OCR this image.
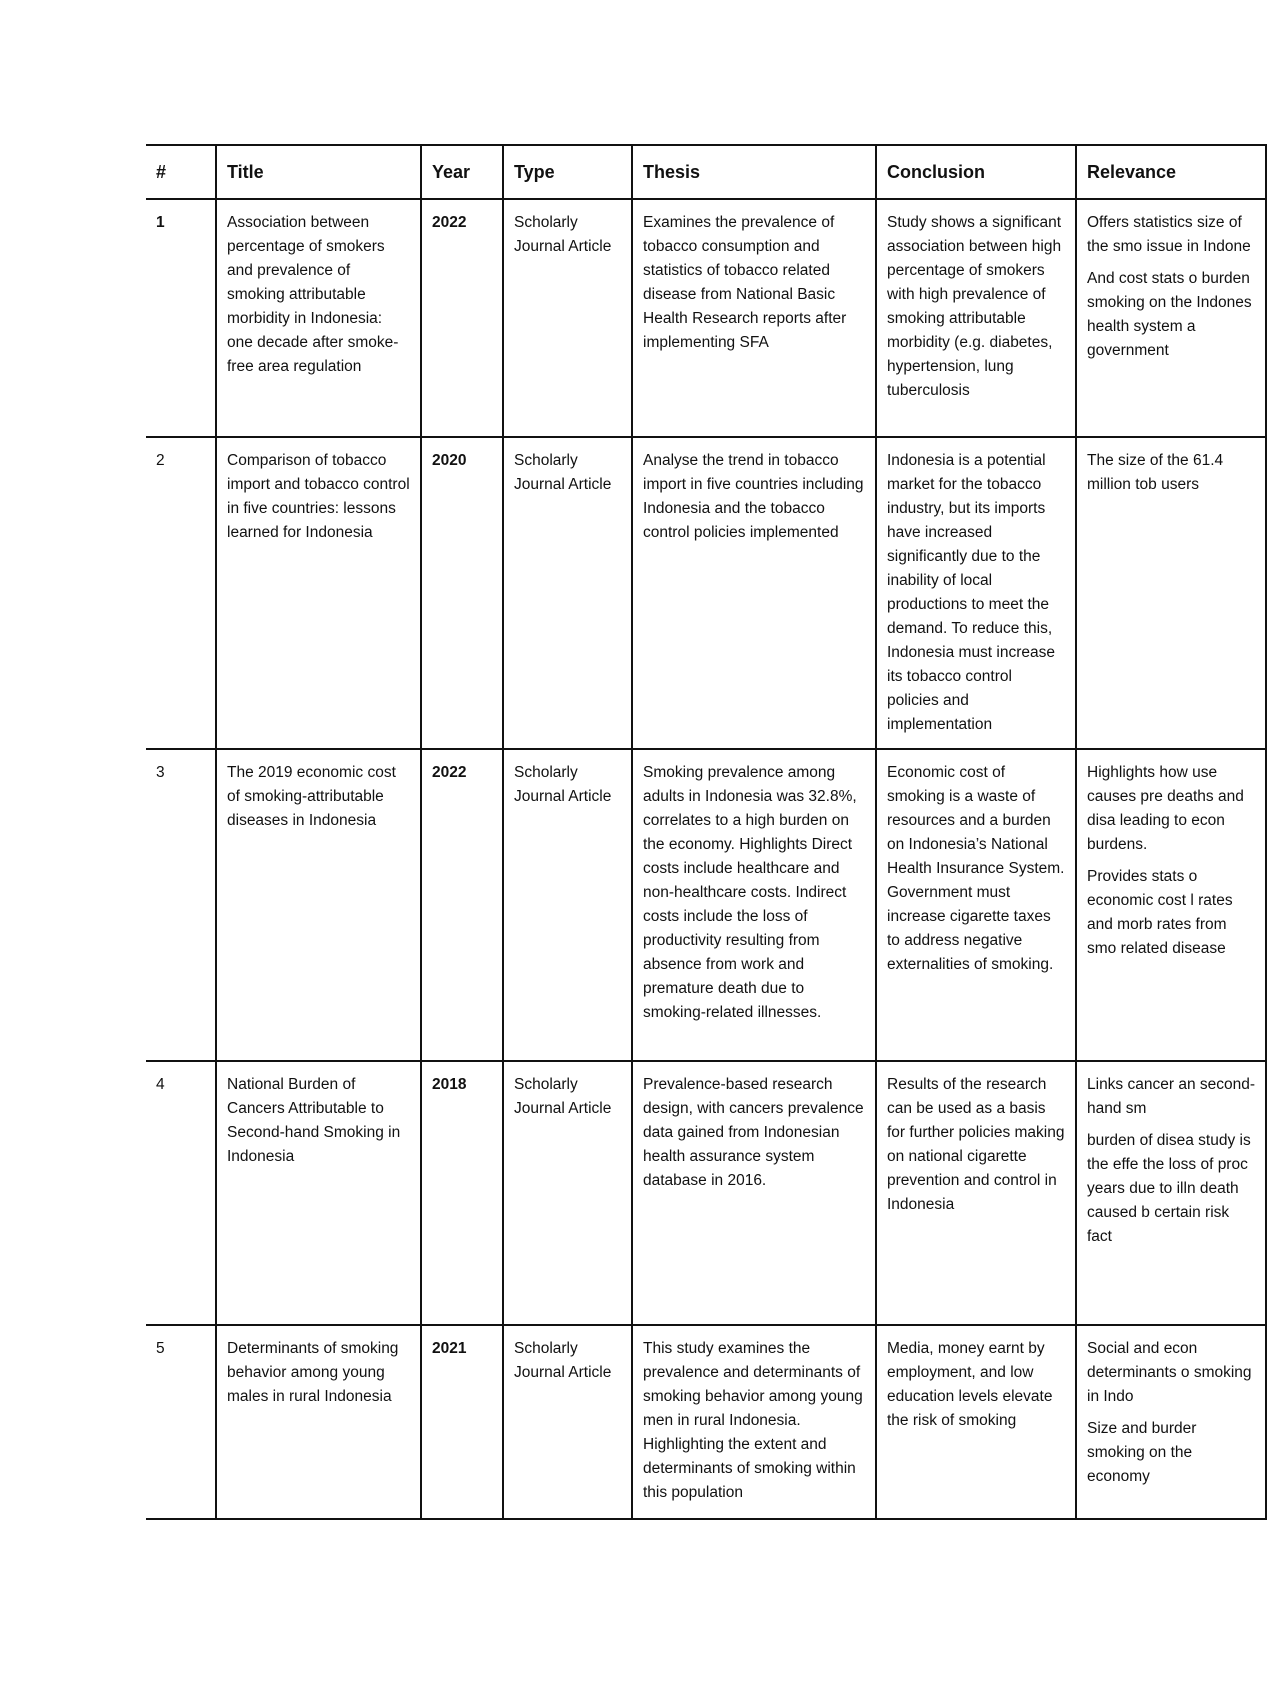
#	Title	Year	Type	Thesis	Conclusion	Relevance
1	Association between percentage of smokers and prevalence of smoking attributable morbidity in Indonesia: one decade after smoke-free area regulation	2022	Scholarly Journal Article	Examines the prevalence of tobacco consumption and statistics of tobacco related disease from National Basic Health Research reports after implementing SFA	Study shows a significant association between high percentage of smokers with high prevalence of smoking attributable morbidity (e.g. diabetes, hypertension, lung tuberculosis	Offers statistics size of the smo issue in Indone

And cost stats o burden smoking on the Indones health system a government

2	Comparison of tobacco import and tobacco control in five countries: lessons learned for Indonesia	2020	Scholarly Journal Article	Analyse the trend in tobacco import in five countries including Indonesia and the tobacco control policies implemented	Indonesia is a potential market for the tobacco industry, but its imports have increased significantly due to the inability of local productions to meet the demand. To reduce this, Indonesia must increase its tobacco control policies and implementation	The size of the 61.4 million tob users

3	The 2019 economic cost of smoking-attributable diseases in Indonesia	2022	Scholarly Journal Article	Smoking prevalence among adults in Indonesia was 32.8%, correlates to a high burden on the economy. Highlights Direct costs include healthcare and non-healthcare costs. Indirect costs include the loss of productivity resulting from absence from work and premature death due to smoking-related illnesses.	Economic cost of smoking is a waste of resources and a burden on Indonesia’s National Health Insurance System. Government must increase cigarette taxes to address negative externalities of smoking.	Highlights how use causes pre deaths and disa leading to econ burdens.

Provides stats o economic cost l rates and morb rates from smo related disease

4	National Burden of Cancers Attributable to Second-hand Smoking in Indonesia	2018	Scholarly Journal Article	Prevalence-based research design, with cancers prevalence data gained from Indonesian health assurance system database in 2016.	Results of the research can be used as a basis for further policies making on national cigarette prevention and control in Indonesia	Links cancer an second-hand sm

burden of disea study is the effe the loss of proc years due to illn death caused b certain risk fact

5	Determinants of smoking behavior among young males in rural Indonesia	2021	Scholarly Journal Article	This study examines the prevalence and determinants of smoking behavior among young men in rural Indonesia. Highlighting the extent and determinants of smoking within this population	Media, money earnt by employment, and low education levels elevate the risk of smoking	Social and econ determinants o smoking in Indo

Size and burder smoking on the economy
